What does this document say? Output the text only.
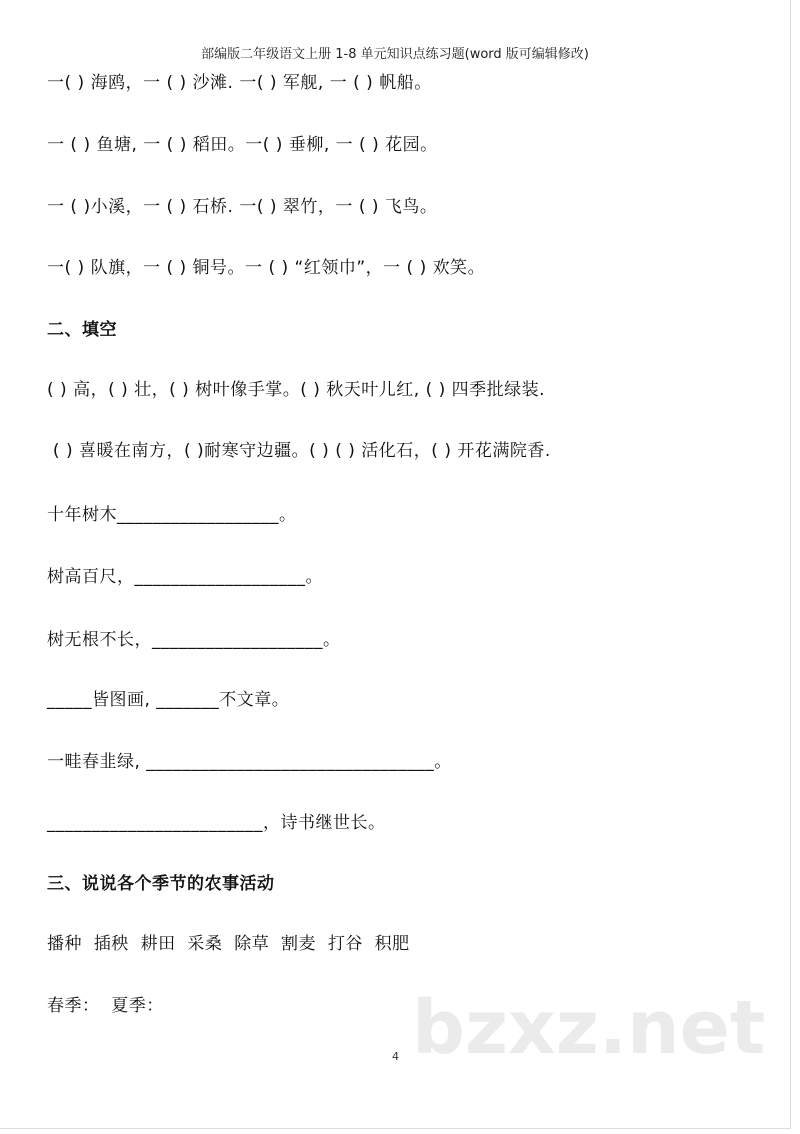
部编版二年级语文上册 1-8 单元知识点练习题(word 版可编辑修改)
一( ) 海鸥，一 ( ) 沙滩. 一( ) 军舰, 一 ( ) 帆船。
一 ( ) 鱼塘, 一 ( ) 稻田。一( ) 垂柳, 一 ( ) 花园。
一 ( )小溪，一 ( ) 石桥. 一( ) 翠竹，一 ( ) 飞鸟。
一( ) 队旗，一 ( ) 铜号。一 ( ) “红领巾”，一 ( ) 欢笑。
二、填空
( ) 高，( ) 壮，( ) 树叶像手掌。( ) 秋天叶儿红, ( ) 四季批绿装.
( ) 喜暖在南方，( )耐寒守边疆。( ) ( ) 活化石，( ) 开花满院香.
十年树木__________________。
树高百尺，___________________。
树无根不长，___________________。
_____皆图画, _______不文章。
一畦春韭绿, ________________________________。
________________________，诗书继世长。
三、说说各个季节的农事活动
播种  插秧  耕田  采桑  除草  割麦  打谷  积肥
春季：  夏季：	bzxz.net
4
